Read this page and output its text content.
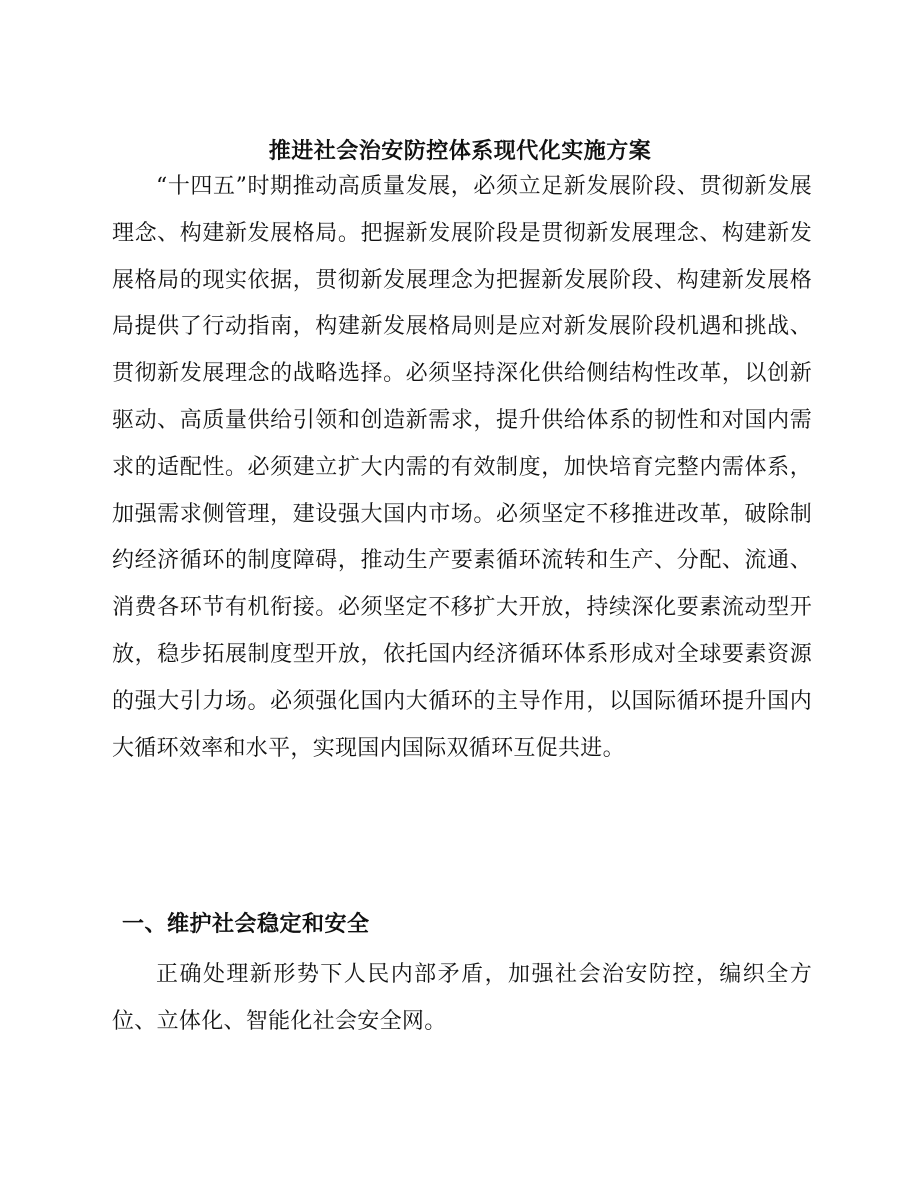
推进社会治安防控体系现代化实施方案

“十四五”时期推动高质量发展，必须立足新发展阶段、贯彻新发展理念、构建新发展格局。把握新发展阶段是贯彻新发展理念、构建新发展格局的现实依据，贯彻新发展理念为把握新发展阶段、构建新发展格局提供了行动指南，构建新发展格局则是应对新发展阶段机遇和挑战、贯彻新发展理念的战略选择。必须坚持深化供给侧结构性改革，以创新驱动、高质量供给引领和创造新需求，提升供给体系的韧性和对国内需求的适配性。必须建立扩大内需的有效制度，加快培育完整内需体系，加强需求侧管理，建设强大国内市场。必须坚定不移推进改革，破除制约经济循环的制度障碍，推动生产要素循环流转和生产、分配、流通、消费各环节有机衔接。必须坚定不移扩大开放，持续深化要素流动型开放，稳步拓展制度型开放，依托国内经济循环体系形成对全球要素资源的强大引力场。必须强化国内大循环的主导作用，以国际循环提升国内大循环效率和水平，实现国内国际双循环互促共进。

一、维护社会稳定和安全

正确处理新形势下人民内部矛盾，加强社会治安防控，编织全方位、立体化、智能化社会安全网。
